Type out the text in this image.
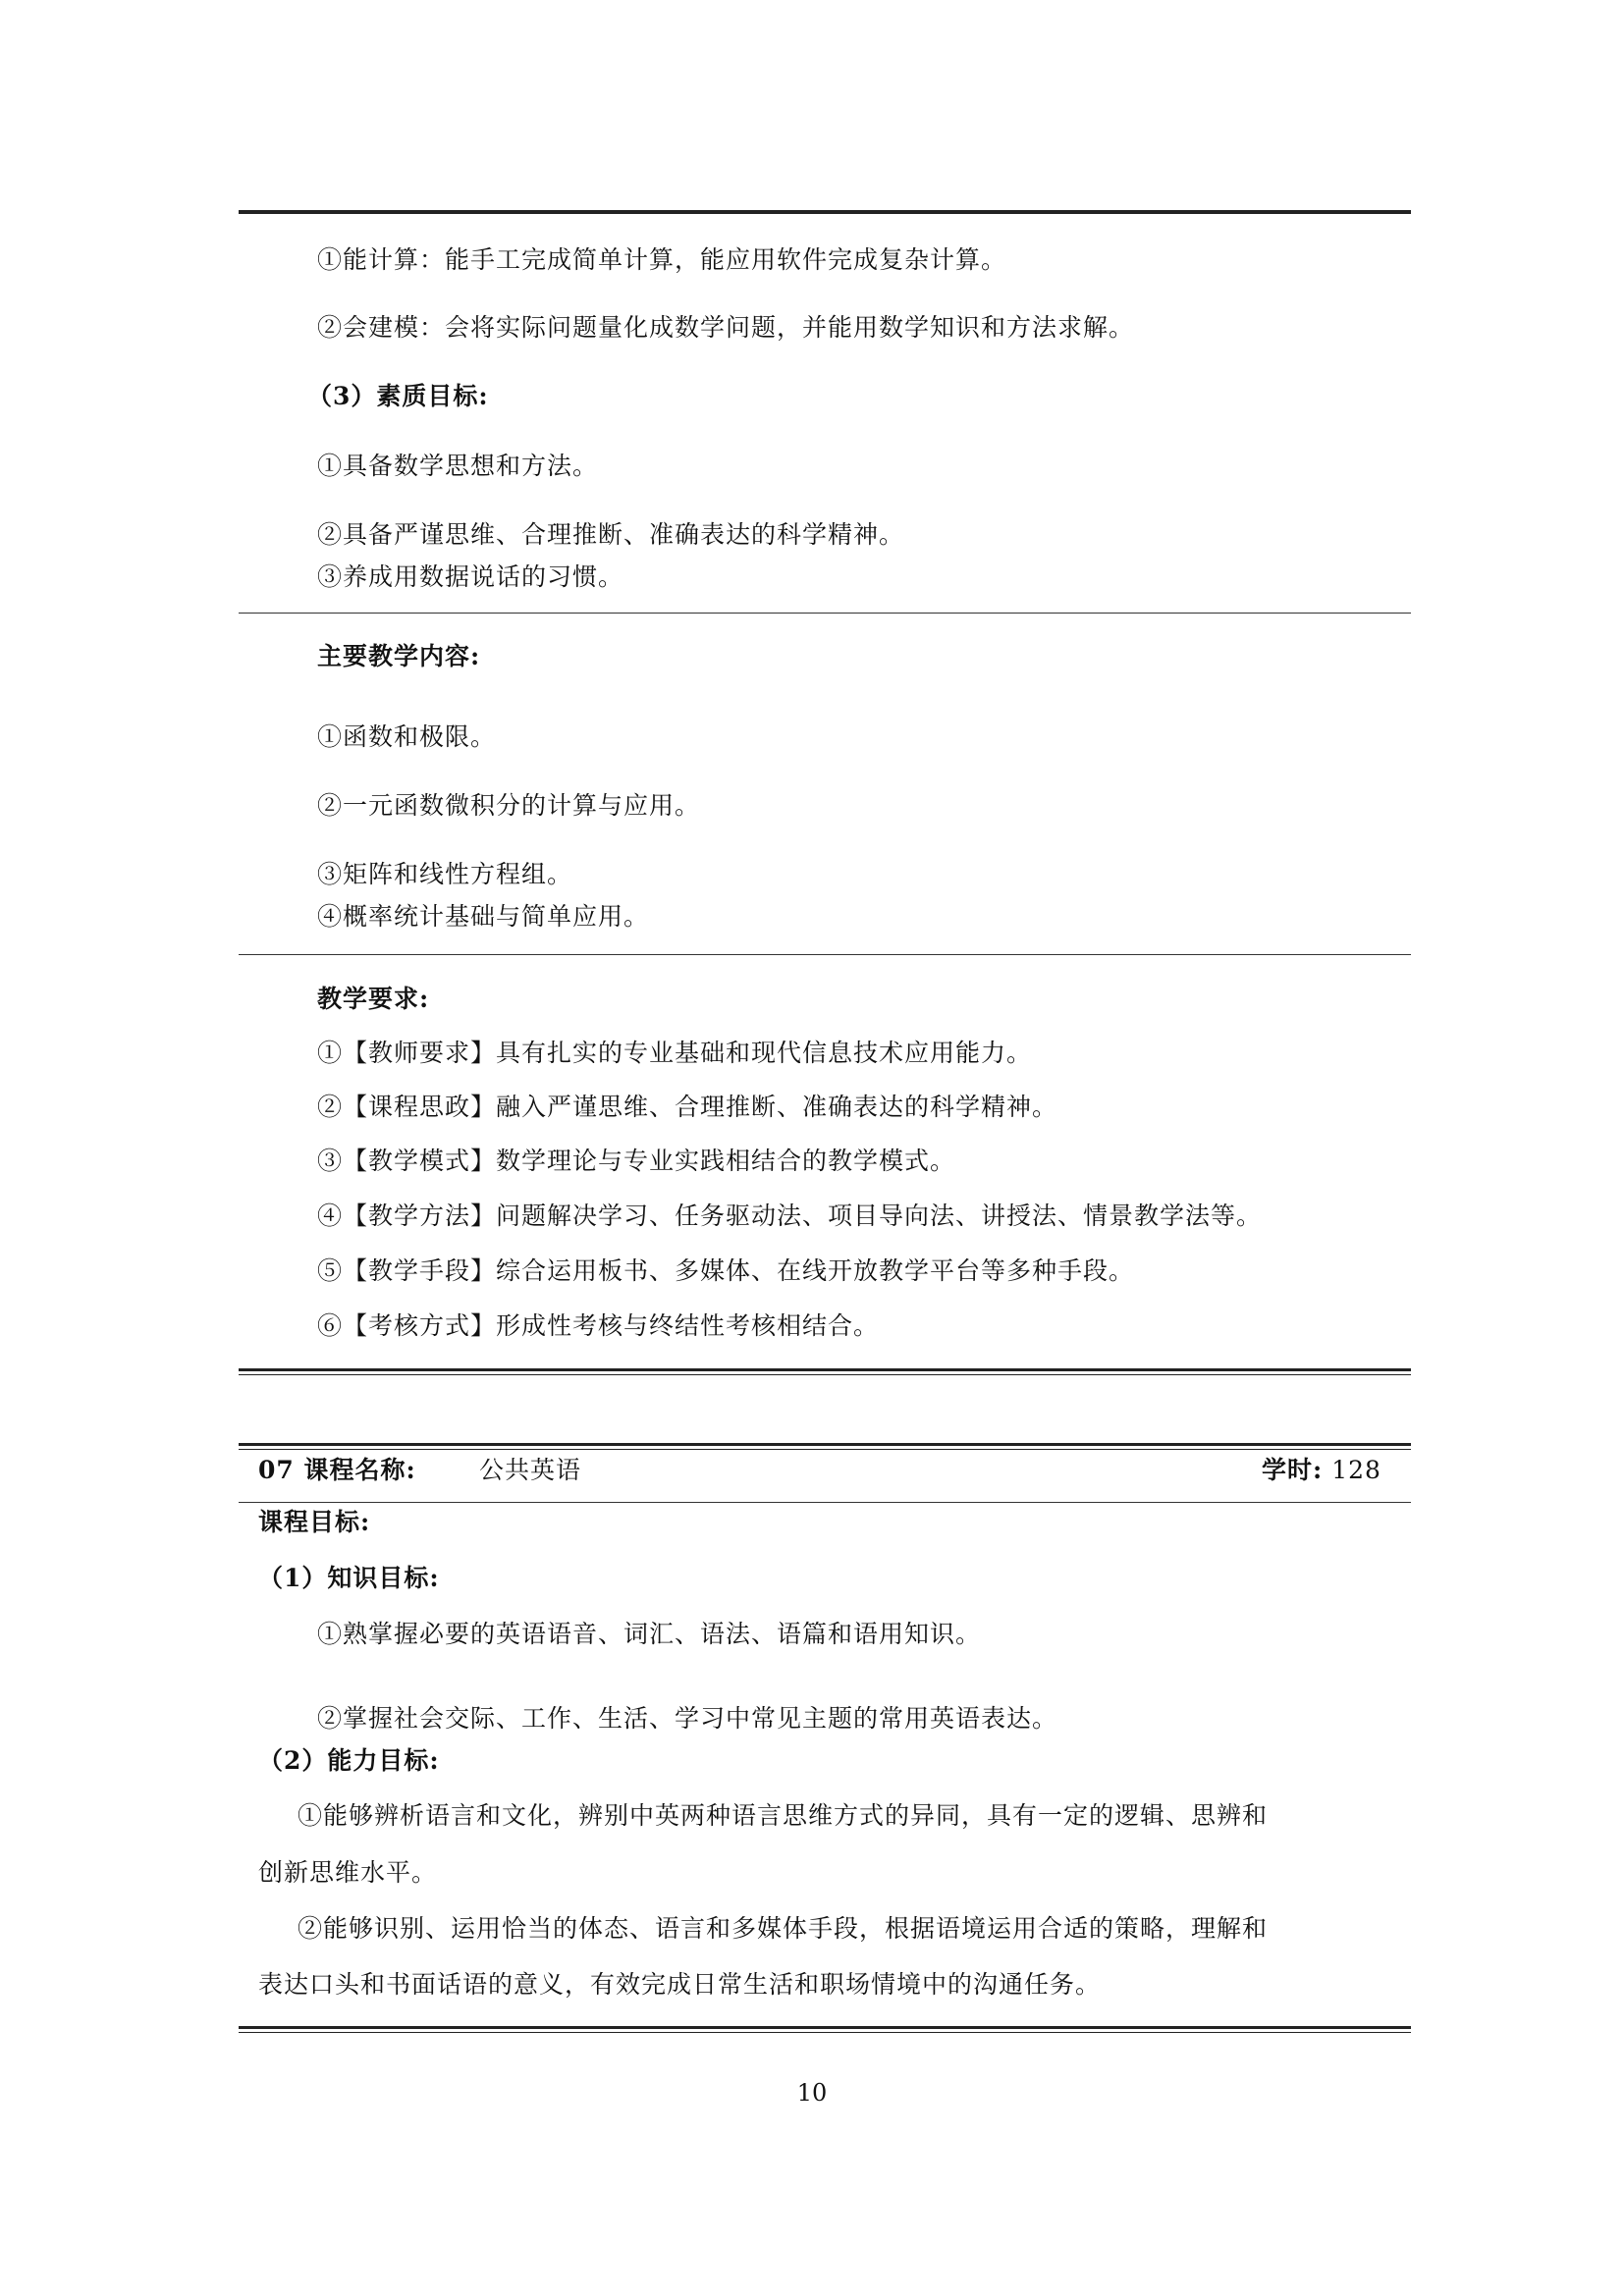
①能计算：能手工完成简单计算，能应用软件完成复杂计算。
②会建模：会将实际问题量化成数学问题，并能用数学知识和方法求解。
（3）素质目标:
①具备数学思想和方法。
②具备严谨思维、合理推断、准确表达的科学精神。
③养成用数据说话的习惯。
主要教学内容:
①函数和极限。
②一元函数微积分的计算与应用。
③矩阵和线性方程组。
④概率统计基础与简单应用。
教学要求:
①【教师要求】具有扎实的专业基础和现代信息技术应用能力。
②【课程思政】融入严谨思维、合理推断、准确表达的科学精神。
③【教学模式】数学理论与专业实践相结合的教学模式。
④【教学方法】问题解决学习、任务驱动法、项目导向法、讲授法、情景教学法等。
⑤【教学手段】综合运用板书、多媒体、在线开放教学平台等多种手段。
⑥【考核方式】形成性考核与终结性考核相结合。
07 课程名称:	公共英语	学时: 128
课程目标:
（1）知识目标:
①熟掌握必要的英语语音、词汇、语法、语篇和语用知识。
②掌握社会交际、工作、生活、学习中常见主题的常用英语表达。
（2）能力目标:
①能够辨析语言和文化，辨别中英两种语言思维方式的异同，具有一定的逻辑、思辨和
创新思维水平。
②能够识别、运用恰当的体态、语言和多媒体手段，根据语境运用合适的策略，理解和
表达口头和书面话语的意义，有效完成日常生活和职场情境中的沟通任务。
10
